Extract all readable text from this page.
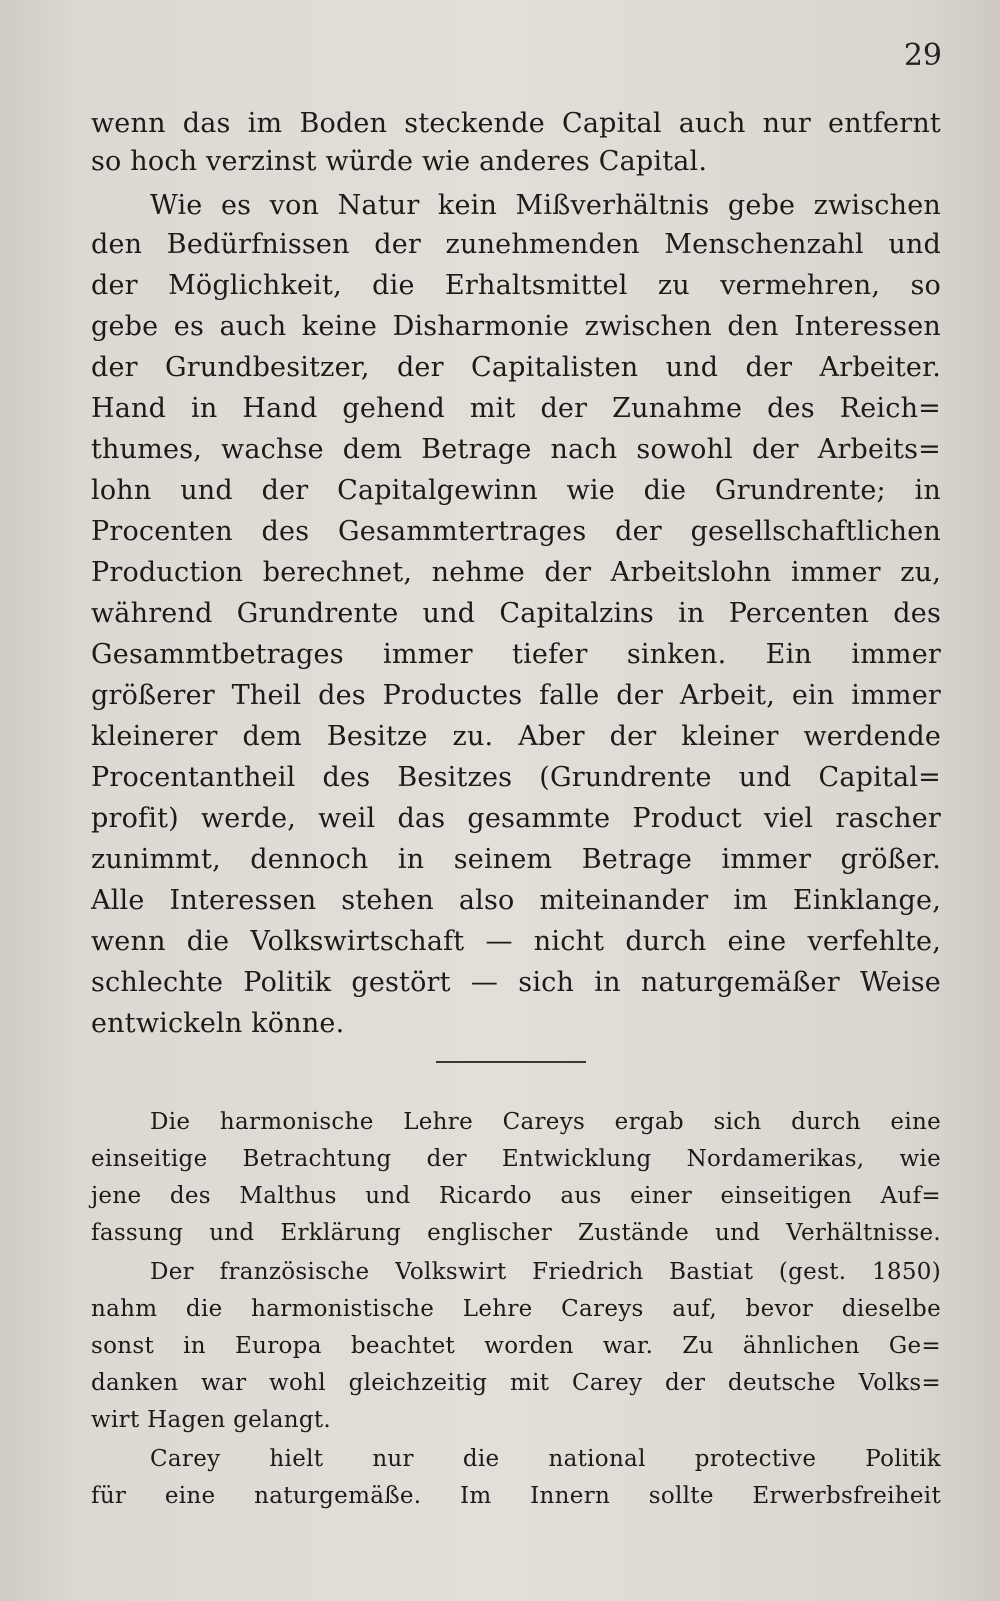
29
wenn das im Boden steckende Capital auch nur entfernt
so hoch verzinst würde wie anderes Capital.
Wie es von Natur kein Mißverhältnis gebe zwischen
den Bedürfnissen der zunehmenden Menschenzahl und
der Möglichkeit, die Erhaltsmittel zu vermehren, so
gebe es auch keine Disharmonie zwischen den Interessen
der Grundbesitzer, der Capitalisten und der Arbeiter.
Hand in Hand gehend mit der Zunahme des Reich=
thumes, wachse dem Betrage nach sowohl der Arbeits=
lohn und der Capitalgewinn wie die Grundrente; in
Procenten des Gesammtertrages der gesellschaftlichen
Production berechnet, nehme der Arbeitslohn immer zu,
während Grundrente und Capitalzins in Percenten des
Gesammtbetrages immer tiefer sinken. Ein immer
größerer Theil des Productes falle der Arbeit, ein immer
kleinerer dem Besitze zu. Aber der kleiner werdende
Procentantheil des Besitzes (Grundrente und Capital=
profit) werde, weil das gesammte Product viel rascher
zunimmt, dennoch in seinem Betrage immer größer.
Alle Interessen stehen also miteinander im Einklange,
wenn die Volkswirtschaft — nicht durch eine verfehlte,
schlechte Politik gestört — sich in naturgemäßer Weise
entwickeln könne.
Die harmonische Lehre Careys ergab sich durch eine
einseitige Betrachtung der Entwicklung Nordamerikas, wie
jene des Malthus und Ricardo aus einer einseitigen Auf=
fassung und Erklärung englischer Zustände und Verhältnisse.
Der französische Volkswirt Friedrich Bastiat (gest. 1850)
nahm die harmonistische Lehre Careys auf, bevor dieselbe
sonst in Europa beachtet worden war. Zu ähnlichen Ge=
danken war wohl gleichzeitig mit Carey der deutsche Volks=
wirt Hagen gelangt.
Carey hielt nur die national protective Politik
für eine naturgemäße. Im Innern sollte Erwerbsfreiheit
